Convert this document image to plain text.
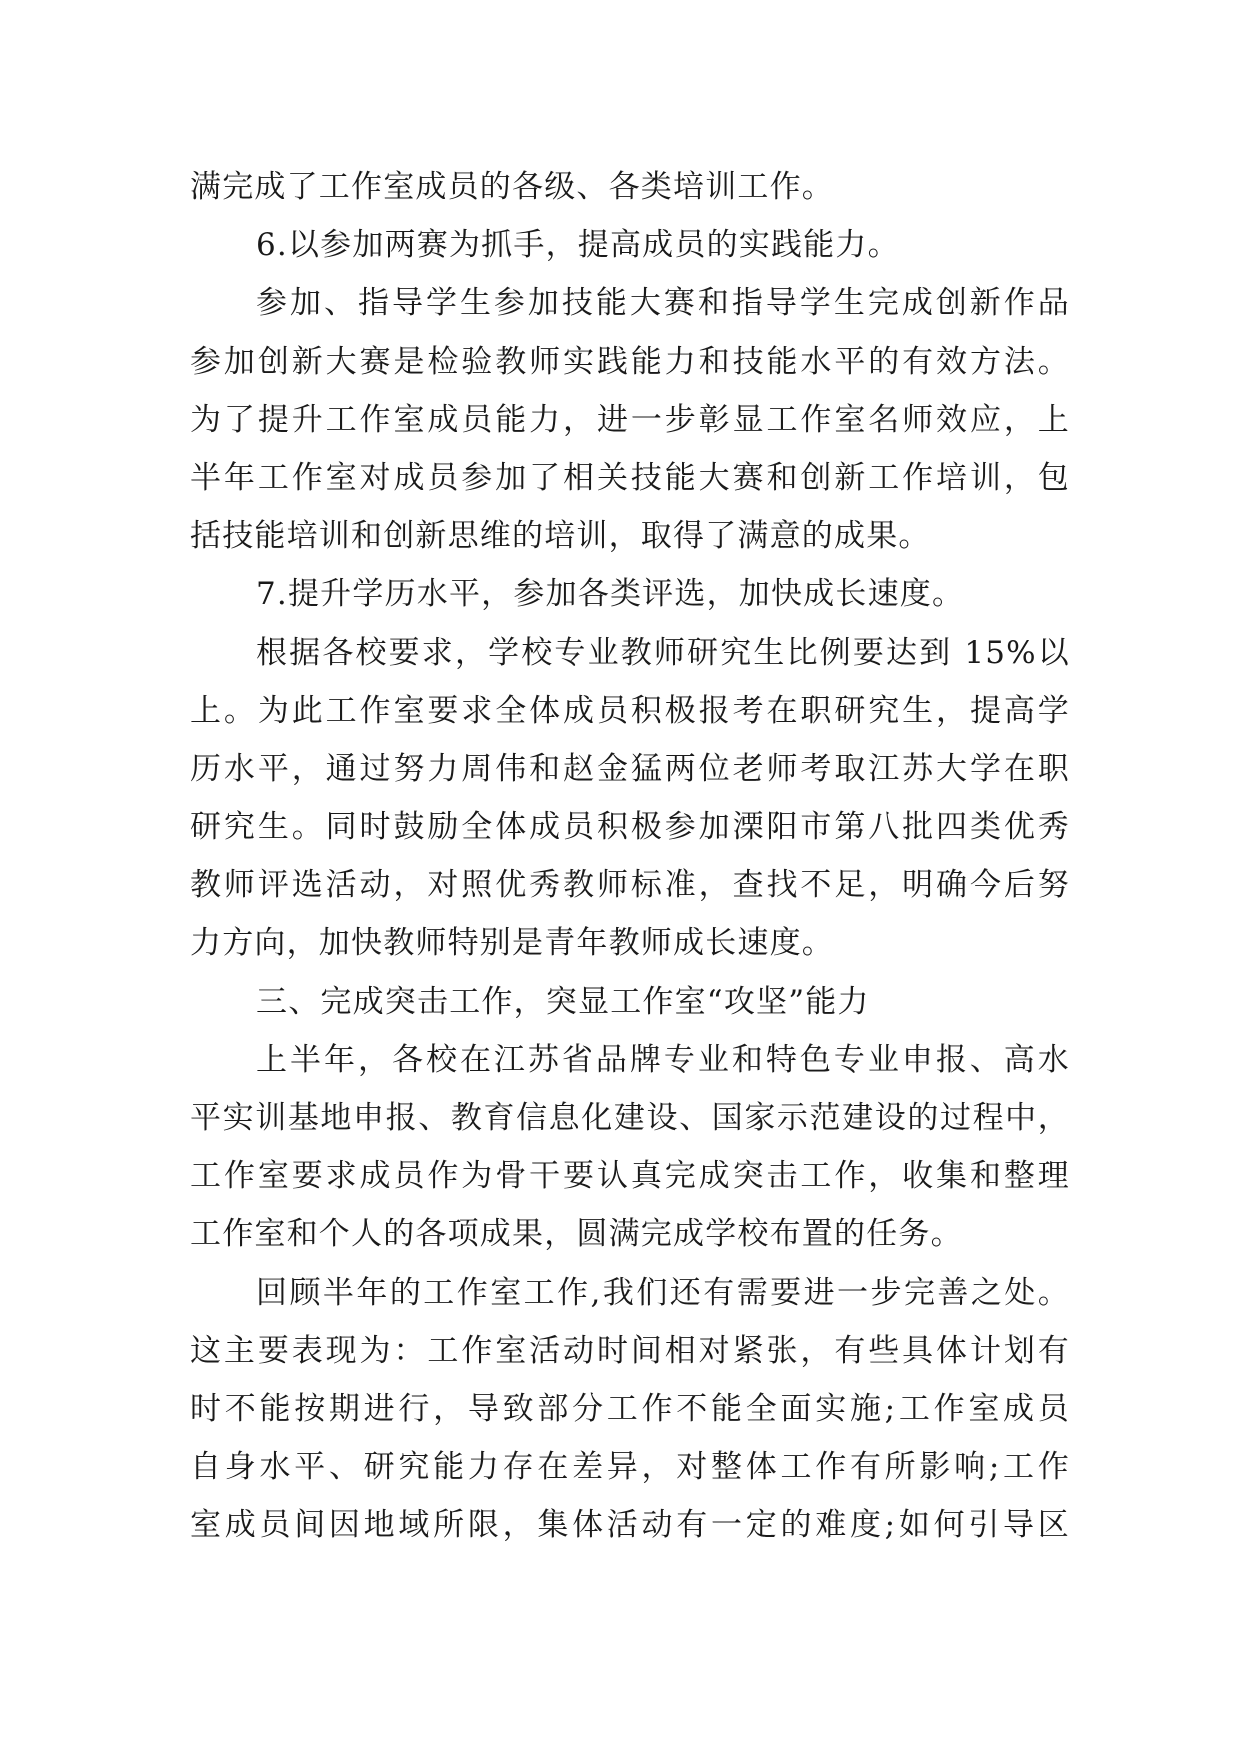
满完成了工作室成员的各级、各类培训工作。
6.以参加两赛为抓手，提高成员的实践能力。
参加、指导学生参加技能大赛和指导学生完成创新作品
参加创新大赛是检验教师实践能力和技能水平的有效方法。
为了提升工作室成员能力，进一步彰显工作室名师效应，上
半年工作室对成员参加了相关技能大赛和创新工作培训，包
括技能培训和创新思维的培训，取得了满意的成果。
7.提升学历水平，参加各类评选，加快成长速度。
根据各校要求，学校专业教师研究生比例要达到 15%以
上。为此工作室要求全体成员积极报考在职研究生，提高学
历水平，通过努力周伟和赵金猛两位老师考取江苏大学在职
研究生。同时鼓励全体成员积极参加溧阳市第八批四类优秀
教师评选活动，对照优秀教师标准，查找不足，明确今后努
力方向，加快教师特别是青年教师成长速度。
三、完成突击工作，突显工作室“攻坚”能力
上半年，各校在江苏省品牌专业和特色专业申报、高水
平实训基地申报、教育信息化建设、国家示范建设的过程中，
工作室要求成员作为骨干要认真完成突击工作，收集和整理
工作室和个人的各项成果，圆满完成学校布置的任务。
回顾半年的工作室工作,我们还有需要进一步完善之处。
这主要表现为：工作室活动时间相对紧张，有些具体计划有
时不能按期进行，导致部分工作不能全面实施;工作室成员
自身水平、研究能力存在差异，对整体工作有所影响;工作
室成员间因地域所限，集体活动有一定的难度;如何引导区
